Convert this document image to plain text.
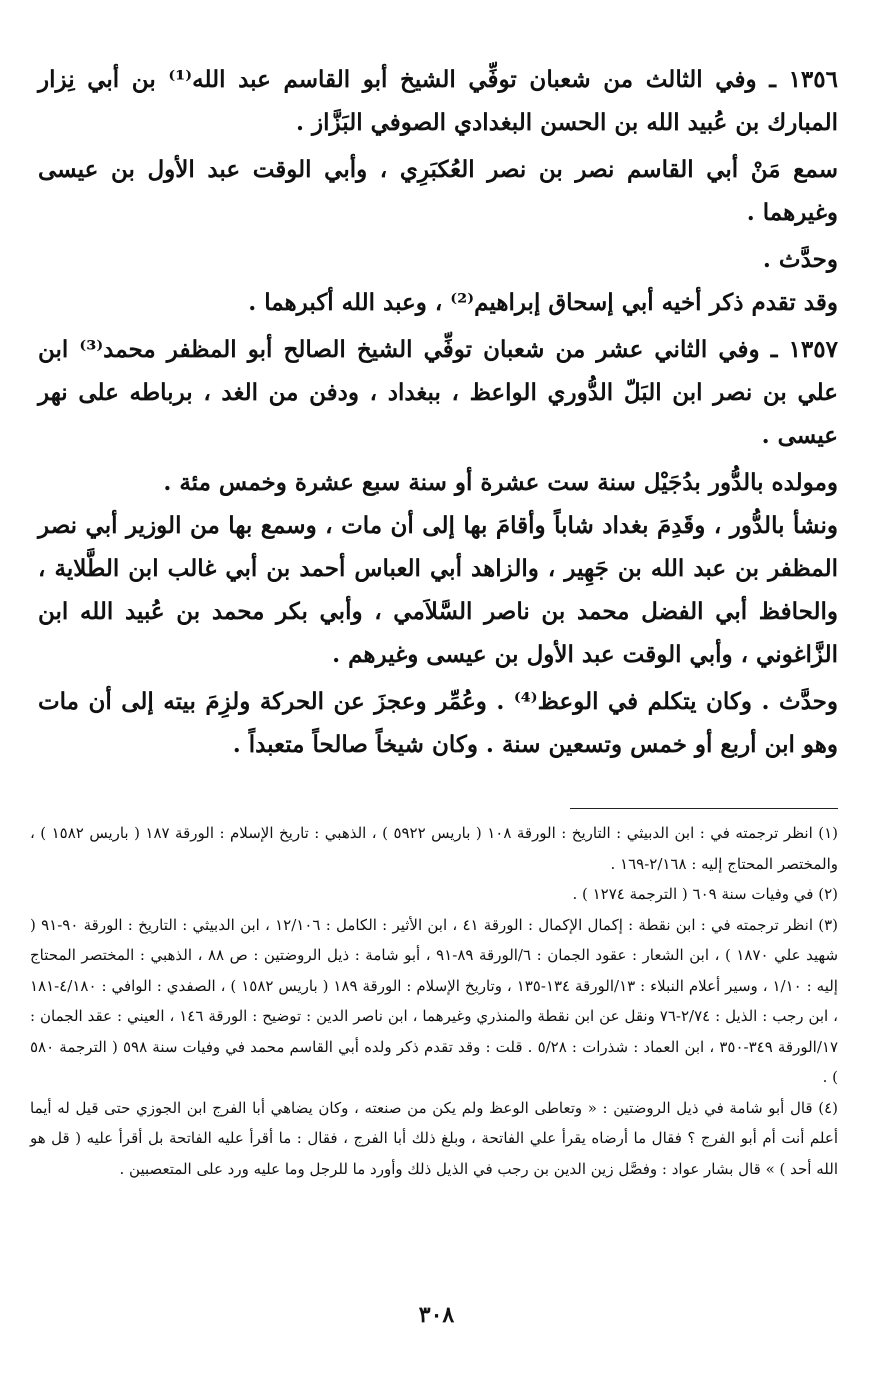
١٣٥٦ ـ وفي الثالث من شعبان توفِّي الشيخ أبو القاسم عبد الله⁽¹⁾ بن أبي نِزار المبارك بن عُبيد الله بن الحسن البغدادي الصوفي البَزَّاز .

سمع مَنْ أبي القاسم نصر بن نصر العُكبَرِي ، وأبي الوقت عبد الأول بن عيسى وغيرهما .

وحدَّث .

وقد تقدم ذكر أخيه أبي إسحاق إبراهيم⁽²⁾ ، وعبد الله أكبرهما .

١٣٥٧ ـ وفي الثاني عشر من شعبان توفِّي الشيخ الصالح أبو المظفر محمد⁽³⁾ ابن علي بن نصر ابن البَلّ الدُّوري الواعظ ، ببغداد ، ودفن من الغد ، برباطه على نهر عيسى .

ومولده بالدُّور بدُجَيْل سنة ست عشرة أو سنة سبع عشرة وخمس مئة .

ونشأ بالدُّور ، وقَدِمَ بغداد شاباً وأقامَ بها إلى أن مات ، وسمع بها من الوزير أبي نصر المظفر بن عبد الله بن جَهِير ، والزاهد أبي العباس أحمد بن أبي غالب ابن الطَّلاية ، والحافظ أبي الفضل محمد بن ناصر السَّلاَمي ، وأبي بكر محمد بن عُبيد الله ابن الزَّاغوني ، وأبي الوقت عبد الأول بن عيسى وغيرهم .

وحدَّث . وكان يتكلم في الوعظ⁽⁴⁾ . وعُمِّر وعجزَ عن الحركة ولزِمَ بيته إلى أن مات وهو ابن أربع أو خمس وتسعين سنة . وكان شيخاً صالحاً متعبداً .

(١) انظر ترجمته في : ابن الدبيثي : التاريخ : الورقة ١٠٨ ( باريس ٥٩٢٢ ) ، الذهبي : تاريخ الإسلام : الورقة ١٨٧ ( باريس ١٥٨٢ ) ، والمختصر المحتاج إليه : ٢/١٦٨-١٦٩ .

(٢) في وفيات سنة ٦٠٩ ( الترجمة ١٢٧٤ ) .

(٣) انظر ترجمته في : ابن نقطة : إكمال الإكمال : الورقة ٤١ ، ابن الأثير : الكامل : ١٢/١٠٦ ، ابن الدبيثي : التاريخ : الورقة ٩٠-٩١ ( شهيد علي ١٨٧٠ ) ، ابن الشعار : عقود الجمان : ٦/الورقة ٨٩-٩١ ، أبو شامة : ذيل الروضتين : ص ٨٨ ، الذهبي : المختصر المحتاج إليه : ١/١٠ ، وسير أعلام النبلاء : ١٣/الورقة ١٣٤-١٣٥ ، وتاريخ الإسلام : الورقة ١٨٩ ( باريس ١٥٨٢ ) ، الصفدي : الوافي : ٤/١٨٠-١٨١ ، ابن رجب : الذيل : ٢/٧٤-٧٦ ونقل عن ابن نقطة والمنذري وغيرهما ، ابن ناصر الدين : توضيح : الورقة ١٤٦ ، العيني : عقد الجمان : ١٧/الورقة ٣٤٩-٣٥٠ ، ابن العماد : شذرات : ٥/٢٨ . قلت : وقد تقدم ذكر ولده أبي القاسم محمد في وفيات سنة ٥٩٨ ( الترجمة ٥٨٠ ) .

(٤) قال أبو شامة في ذيل الروضتين : « وتعاطى الوعظ ولم يكن من صنعته ، وكان يضاهي أبا الفرج ابن الجوزي حتى قيل له أيما أعلم أنت أم أبو الفرج ؟ فقال ما أرضاه يقرأ علي الفاتحة ، وبلغ ذلك أبا الفرج ، فقال : ما أقرأ عليه الفاتحة بل أقرأ عليه ( قل هو الله أحد ) » قال بشار عواد : وفصَّل زين الدين بن رجب في الذيل ذلك وأورد ما للرجل وما عليه ورد على المتعصبين .

٣٠٨
